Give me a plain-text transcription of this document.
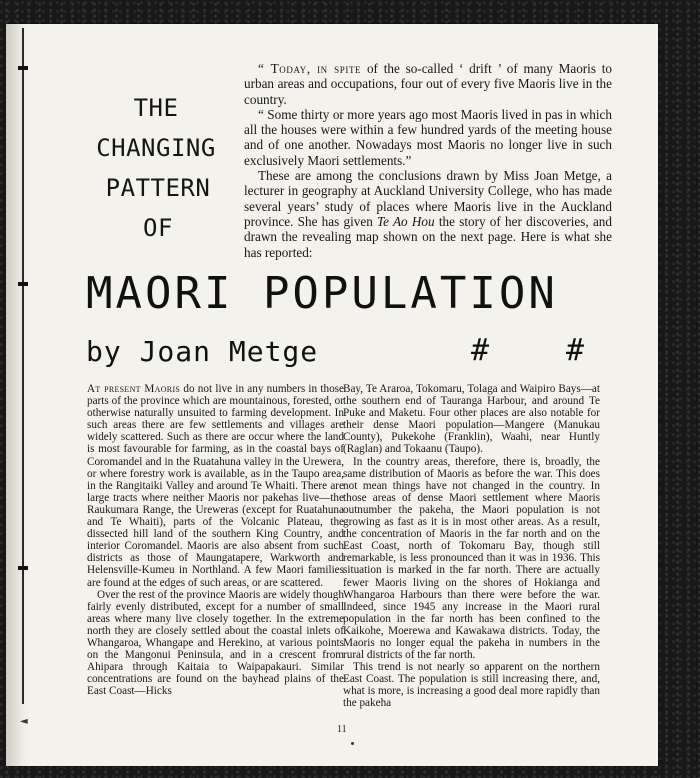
◄
THE
CHANGING
PATTERN
OF

“ Today, in spite of the so-called ‘ drift ’ of many Maoris to urban areas and occupations, four out of every five Maoris live in the country.

“ Some thirty or more years ago most Maoris lived in pas in which all the houses were within a few hundred yards of the meeting house and of one another. Nowadays most Maoris no longer live in such exclusively Maori settlements.”

These are among the conclusions drawn by Miss Joan Metge, a lecturer in geography at Auckland University College, who has made several years’ study of places where Maoris live in the Auckland province. She has given Te Ao Hou the story of her discoveries, and drawn the revealing map shown on the next page. Here is what she has reported:

MAORI POPULATION
by Joan Metge	#	#

At present Maoris do not live in any numbers in those parts of the province which are mountainous, forested, or otherwise naturally unsuited to farming development. In such areas there are few settlements and villages are widely scattered. Such as there are occur where the land is most favourable for farming, as in the coastal bays of Coromandel and in the Ruatahuna valley in the Urewera, or where forestry work is available, as in the Taupo area, in the Rangitaiki Valley and around Te Whaiti. There are large tracts where neither Maoris nor pakehas live—the Raukumara Range, the Ureweras (except for Ruatahuna and Te Whaiti), parts of the Volcanic Plateau, the dissected hill land of the southern King Country, and interior Coromandel. Maoris are also absent from such districts as those of Maungatapere, Warkworth and Helensville-Kumeu in Northland. A few Maori families are found at the edges of such areas, or are scattered.

Over the rest of the province Maoris are widely though fairly evenly distributed, except for a number of small areas where many live closely together. In the extreme north they are closely settled about the coastal inlets of Whangaroa, Whangape and Herekino, at various points on the Mangonui Peninsula, and in a crescent from Ahipara through Kaitaia to Waipapakauri. Similar concentrations are found on the bayhead plains of the East Coast—Hicks

Bay, Te Araroa, Tokomaru, Tolaga and Waipiro Bays—at the southern end of Tauranga Harbour, and around Te Puke and Maketu. Four other places are also notable for their dense Maori population—Mangere (Manukau County), Pukekohe (Franklin), Waahi, near Huntly (Raglan) and Tokaanu (Taupo).

In the country areas, therefore, there is, broadly, the same distribution of Maoris as before the war. This does not mean things have not changed in the country. In those areas of dense Maori settlement where Maoris outnumber the pakeha, the Maori population is not growing as fast as it is in most other areas. As a result, the concentration of Maoris in the far north and on the East Coast, north of Tokomaru Bay, though still remarkable, is less pronounced than it was in 1936. This situation is marked in the far north. There are actually fewer Maoris living on the shores of Hokianga and Whangaroa Harbours than there were before the war. Indeed, since 1945 any increase in the Maori rural population in the far north has been confined to the Kaikohe, Moerewa and Kawakawa districts. Today, the Maoris no longer equal the pakeha in numbers in the rural districts of the far north.

This trend is not nearly so apparent on the northern East Coast. The population is still increasing there, and, what is more, is increasing a good deal more rapidly than the pakeha

11
